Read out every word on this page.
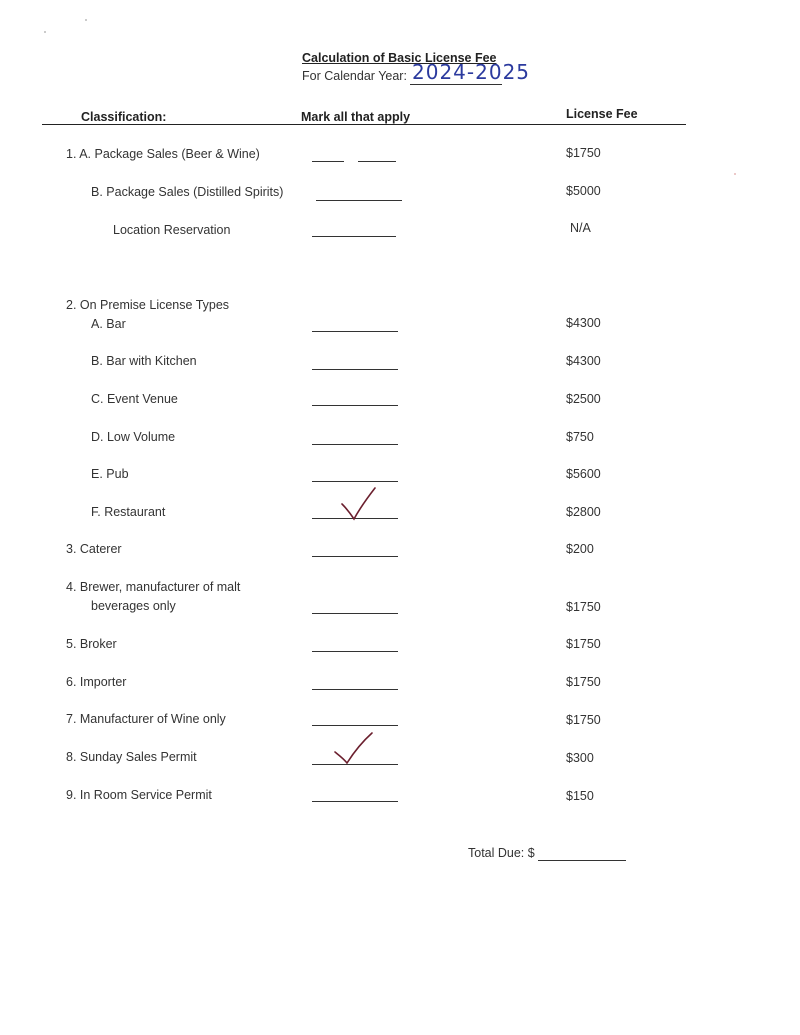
Calculation of Basic License Fee
For Calendar Year: 2024-2025
Classification:	Mark all that apply	License Fee
1. A. Package Sales (Beer & Wine)	$1750
B. Package Sales (Distilled Spirits)	$5000
Location Reservation	N/A
2. On Premise License Types
A. Bar	$4300
B. Bar with Kitchen	$4300
C. Event Venue	$2500
D. Low Volume	$750
E. Pub	$5600
F. Restaurant	$2800
3. Caterer	$200
4. Brewer, manufacturer of malt
beverages only	$1750
5. Broker	$1750
6. Importer	$1750
7. Manufacturer of Wine only	$1750
8. Sunday Sales Permit	$300
9. In Room Service Permit	$150
Total Due: $
